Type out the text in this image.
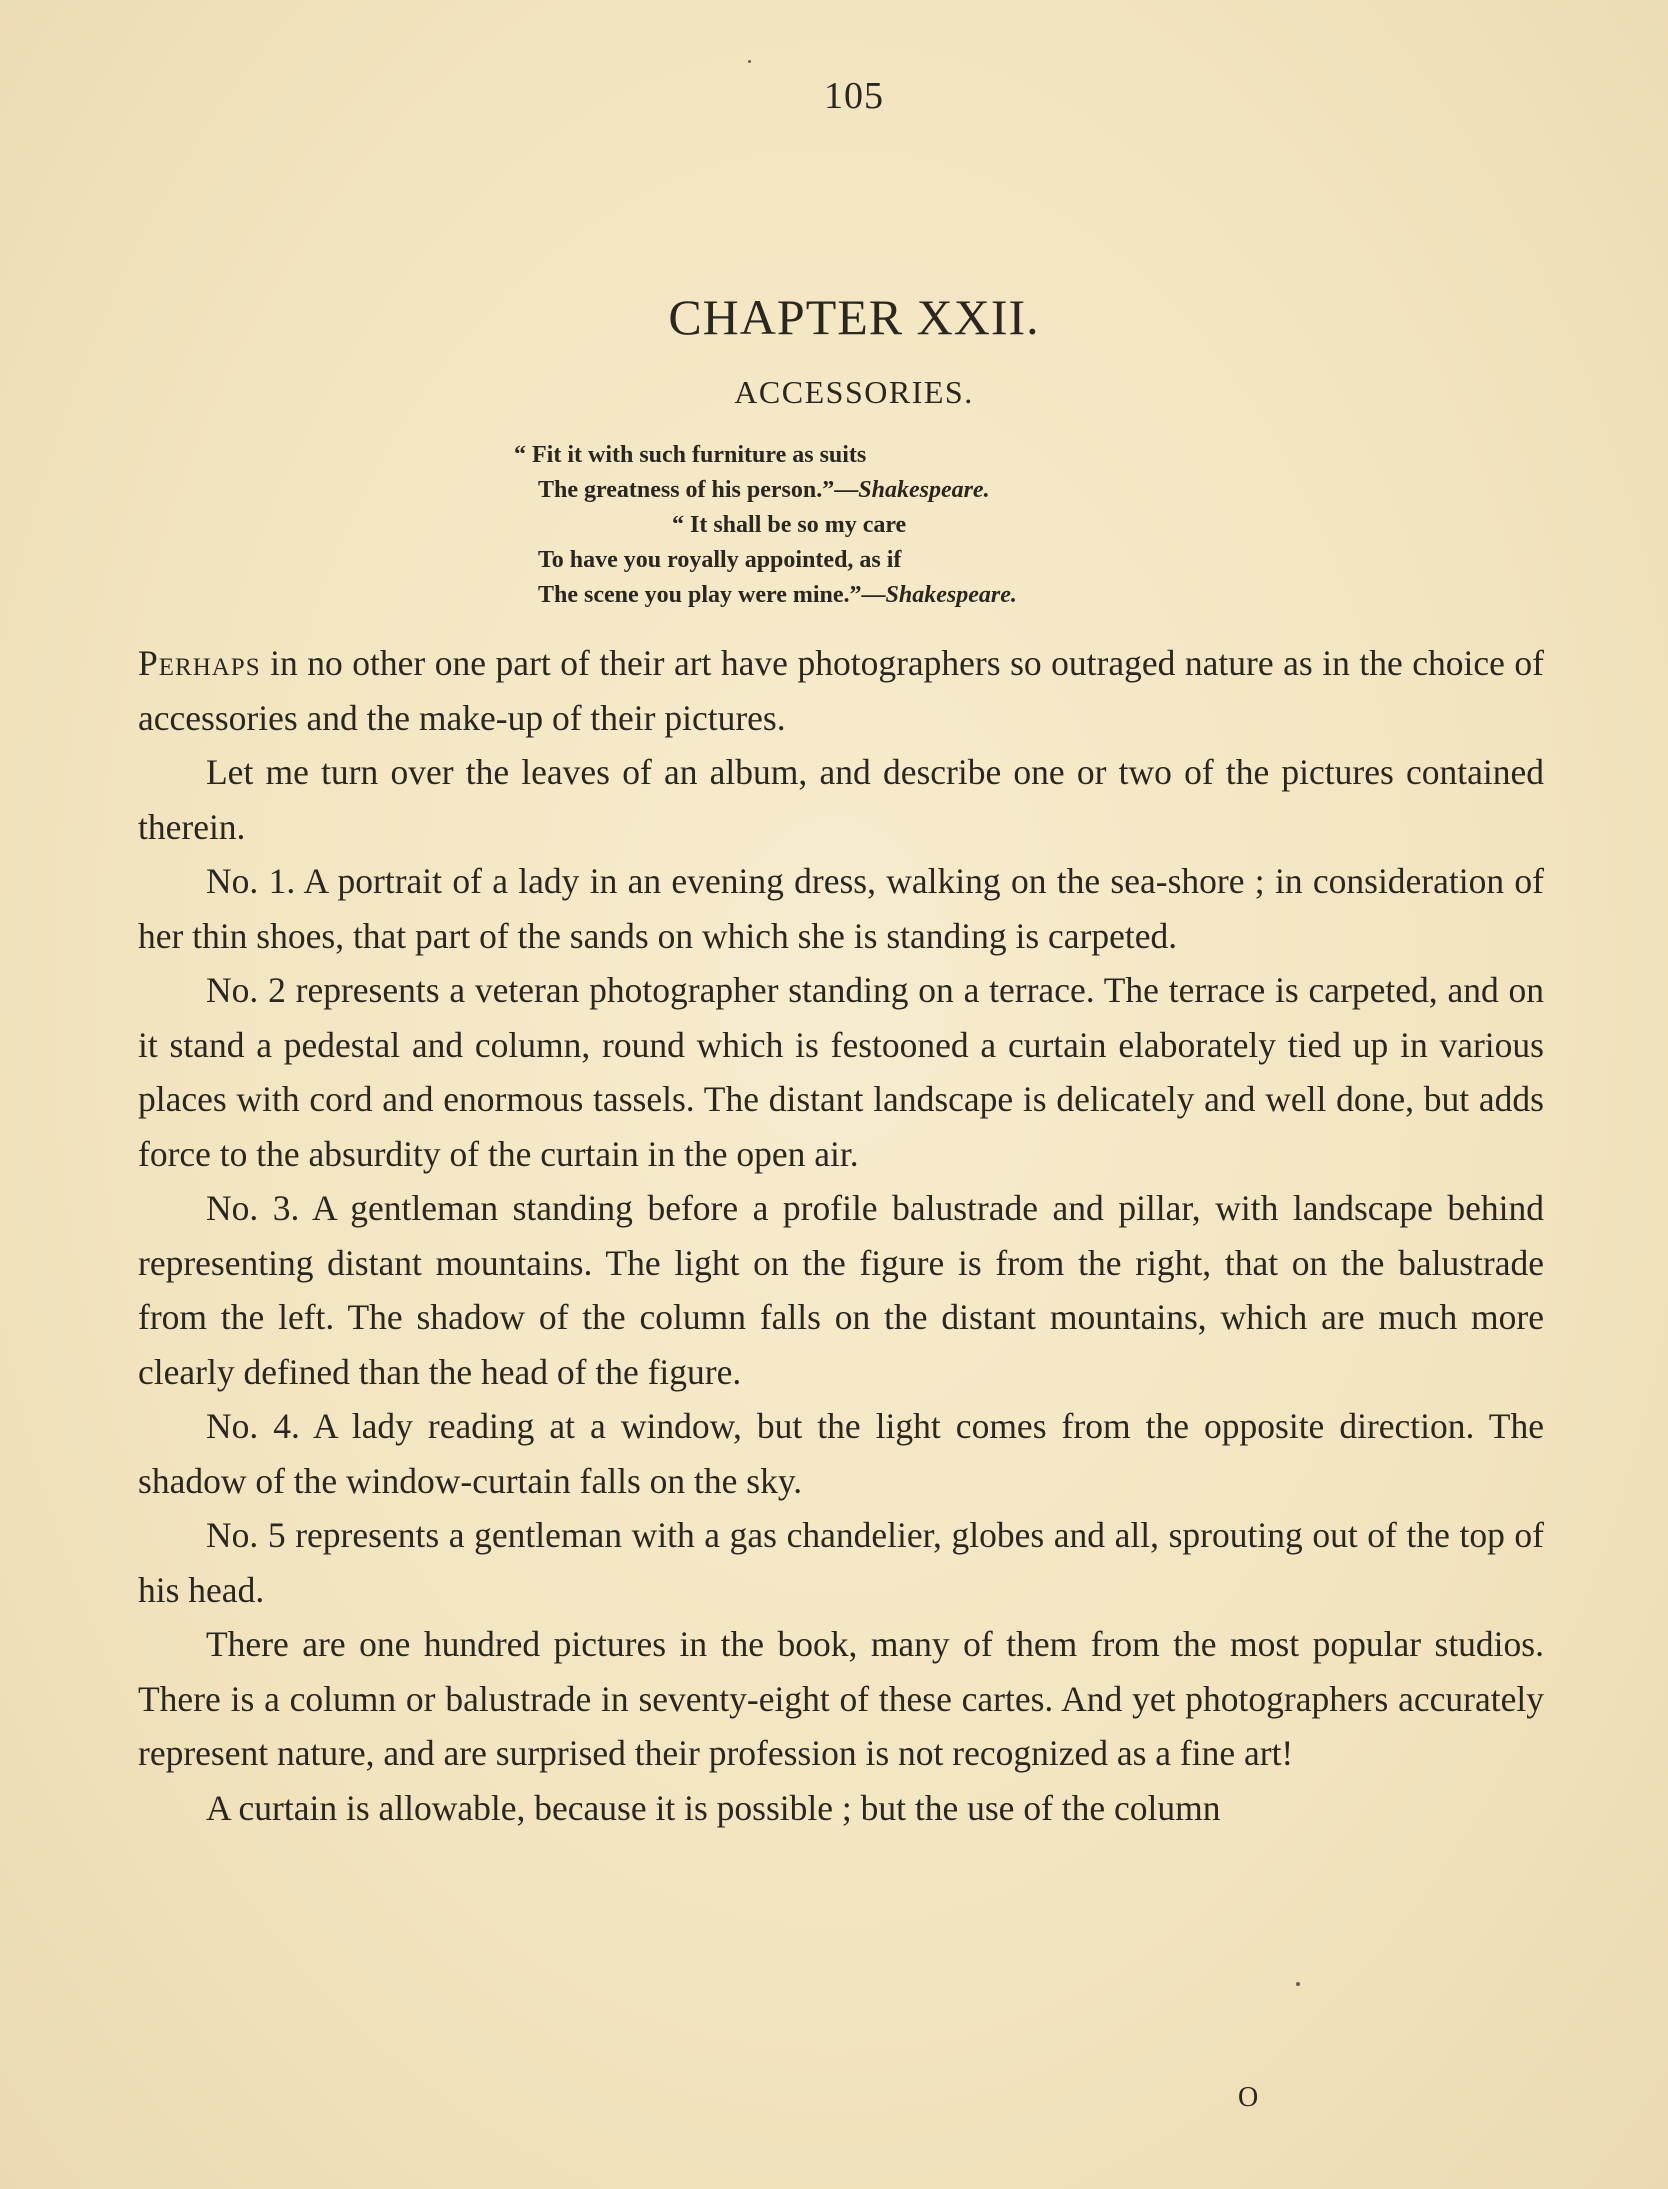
105
CHAPTER XXII.
ACCESSORIES.
“ Fit it with such furniture as suits
The greatness of his person.”—Shakespeare.
“ It shall be so my care
To have you royally appointed, as if
The scene you play were mine.”—Shakespeare.

Perhaps in no other one part of their art have photographers so outraged nature as in the choice of accessories and the make-up of their pictures.

Let me turn over the leaves of an album, and describe one or two of the pictures contained therein.

No. 1. A portrait of a lady in an evening dress, walking on the sea-shore ; in consideration of her thin shoes, that part of the sands on which she is standing is carpeted.

No. 2 represents a veteran photographer standing on a terrace. The terrace is carpeted, and on it stand a pedestal and column, round which is festooned a curtain elaborately tied up in various places with cord and enormous tassels. The distant landscape is delicately and well done, but adds force to the absurdity of the curtain in the open air.

No. 3. A gentleman standing before a profile balustrade and pillar, with landscape behind representing distant mountains. The light on the figure is from the right, that on the balustrade from the left. The shadow of the column falls on the distant mountains, which are much more clearly defined than the head of the figure.

No. 4. A lady reading at a window, but the light comes from the opposite direction. The shadow of the window-curtain falls on the sky.

No. 5 represents a gentleman with a gas chandelier, globes and all, sprouting out of the top of his head.

There are one hundred pictures in the book, many of them from the most popular studios. There is a column or balustrade in seventy-eight of these cartes. And yet photographers accurately represent nature, and are surprised their profession is not recognized as a fine art!

A curtain is allowable, because it is possible ; but the use of the column

O
